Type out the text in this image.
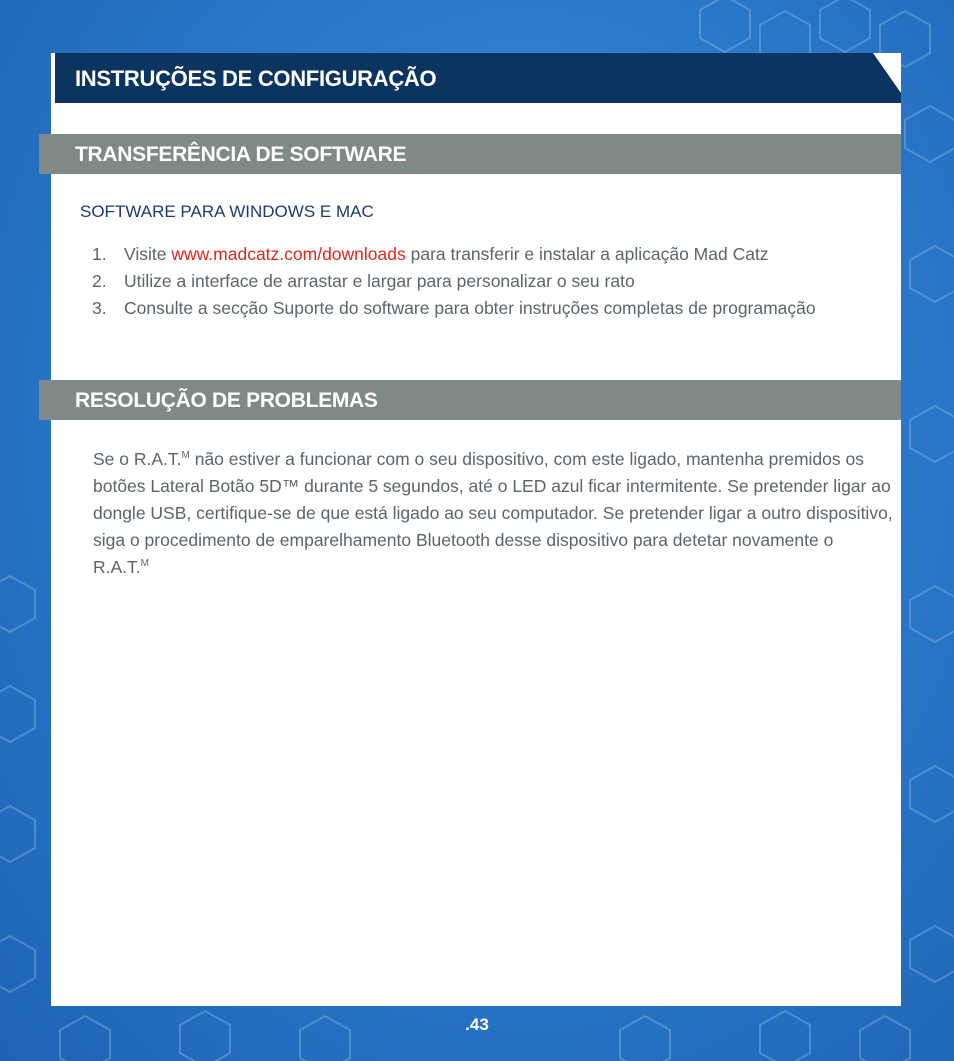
INSTRUÇÕES DE CONFIGURAÇÃO
TRANSFERÊNCIA DE SOFTWARE
SOFTWARE PARA WINDOWS E MAC
1. Visite www.madcatz.com/downloads para transferir e instalar a aplicação Mad Catz
2. Utilize a interface de arrastar e largar para personalizar o seu rato
3. Consulte a secção Suporte do software para obter instruções completas de programação
RESOLUÇÃO DE PROBLEMAS

Se o R.A.T.$^M$ não estiver a funcionar com o seu dispositivo, com este ligado, mantenha premidos os botões Lateral Botão 5D™ durante 5 segundos, até o LED azul ficar intermitente. Se pretender ligar ao dongle USB, certifique-se de que está ligado ao seu computador. Se pretender ligar a outro dispositivo, siga o procedimento de emparelhamento Bluetooth desse dispositivo para detetar novamente o R.A.T.$^M$

.43
